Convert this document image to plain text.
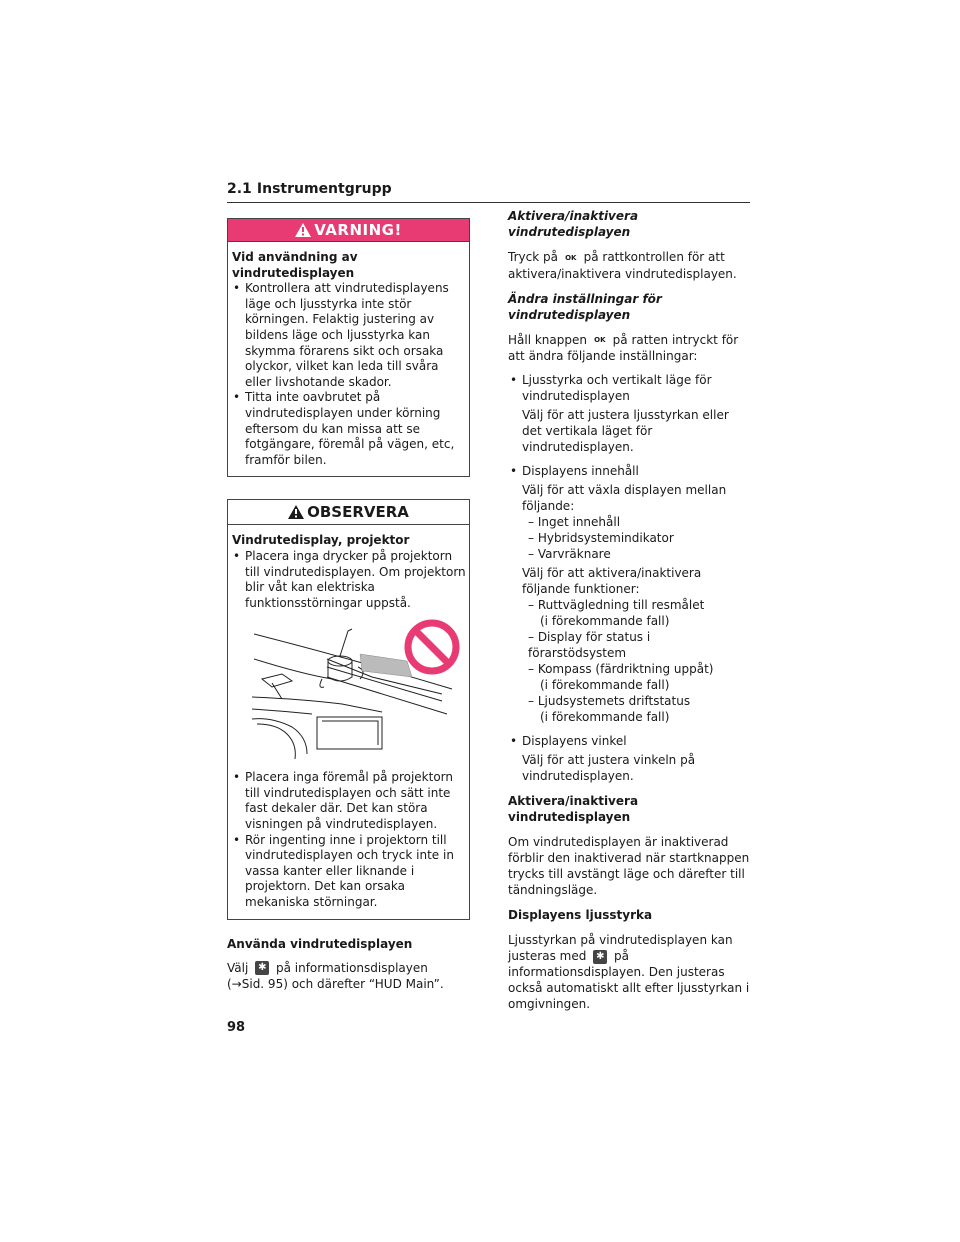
2.1 Instrumentgrupp
VARNING!
Vid användning av vindrutedisplayen
• Kontrollera att vindrutedisplayens läge och ljusstyrka inte stör körningen. Felaktig justering av bildens läge och ljusstyrka kan skymma förarens sikt och orsaka olyckor, vilket kan leda till svåra eller livshotande skador.
• Titta inte oavbrutet på vindrutedisplayen under körning eftersom du kan missa att se fotgängare, föremål på vägen, etc, framför bilen.
OBSERVERA
Vindrutedisplay, projektor
• Placera inga drycker på projektorn till vindrutedisplayen. Om projektorn blir våt kan elektriska funktionsstörningar uppstå.
• Placera inga föremål på projektorn till vindrutedisplayen och sätt inte fast dekaler där. Det kan störa visningen på vindrutedisplayen.
• Rör ingenting inne i projektorn till vindrutedisplayen och tryck inte in vassa kanter eller liknande i projektorn. Det kan orsaka mekaniska störningar.
Använda vindrutedisplayen

Välj ✱ på informationsdisplayen
(→Sid. 95) och därefter “HUD Main”.

Aktivera/inaktivera vindrutedisplayen

Tryck på OK på rattkontrollen för att aktivera/inaktivera vindrutedisplayen.

Ändra inställningar för vindrutedisplayen

Håll knappen OK på ratten intryckt för att ändra följande inställningar:

• Ljusstyrka och vertikalt läge för vindrutedisplayen
Välj för att justera ljusstyrkan eller det vertikala läget för vindrutedisplayen.
• Displayens innehåll
Välj för att växla displayen mellan följande:
– Inget innehåll
– Hybridsystemindikator
– Varvräknare
Välj för att aktivera/inaktivera följande funktioner:
– Ruttvägledning till resmålet
(i förekommande fall)
– Display för status i förarstödsystem
– Kompass (färdriktning uppåt)
(i förekommande fall)
– Ljudsystemets driftstatus
(i förekommande fall)
• Displayens vinkel
Välj för att justera vinkeln på vindrutedisplayen.
Aktivera/inaktivera vindrutedisplayen

Om vindrutedisplayen är inaktiverad förblir den inaktiverad när startknappen trycks till avstängt läge och därefter till tändningsläge.

Displayens ljusstyrka

Ljusstyrkan på vindrutedisplayen kan justeras med ✱ på informationsdisplayen. Den justeras också automatiskt allt efter ljusstyrkan i omgivningen.

98
